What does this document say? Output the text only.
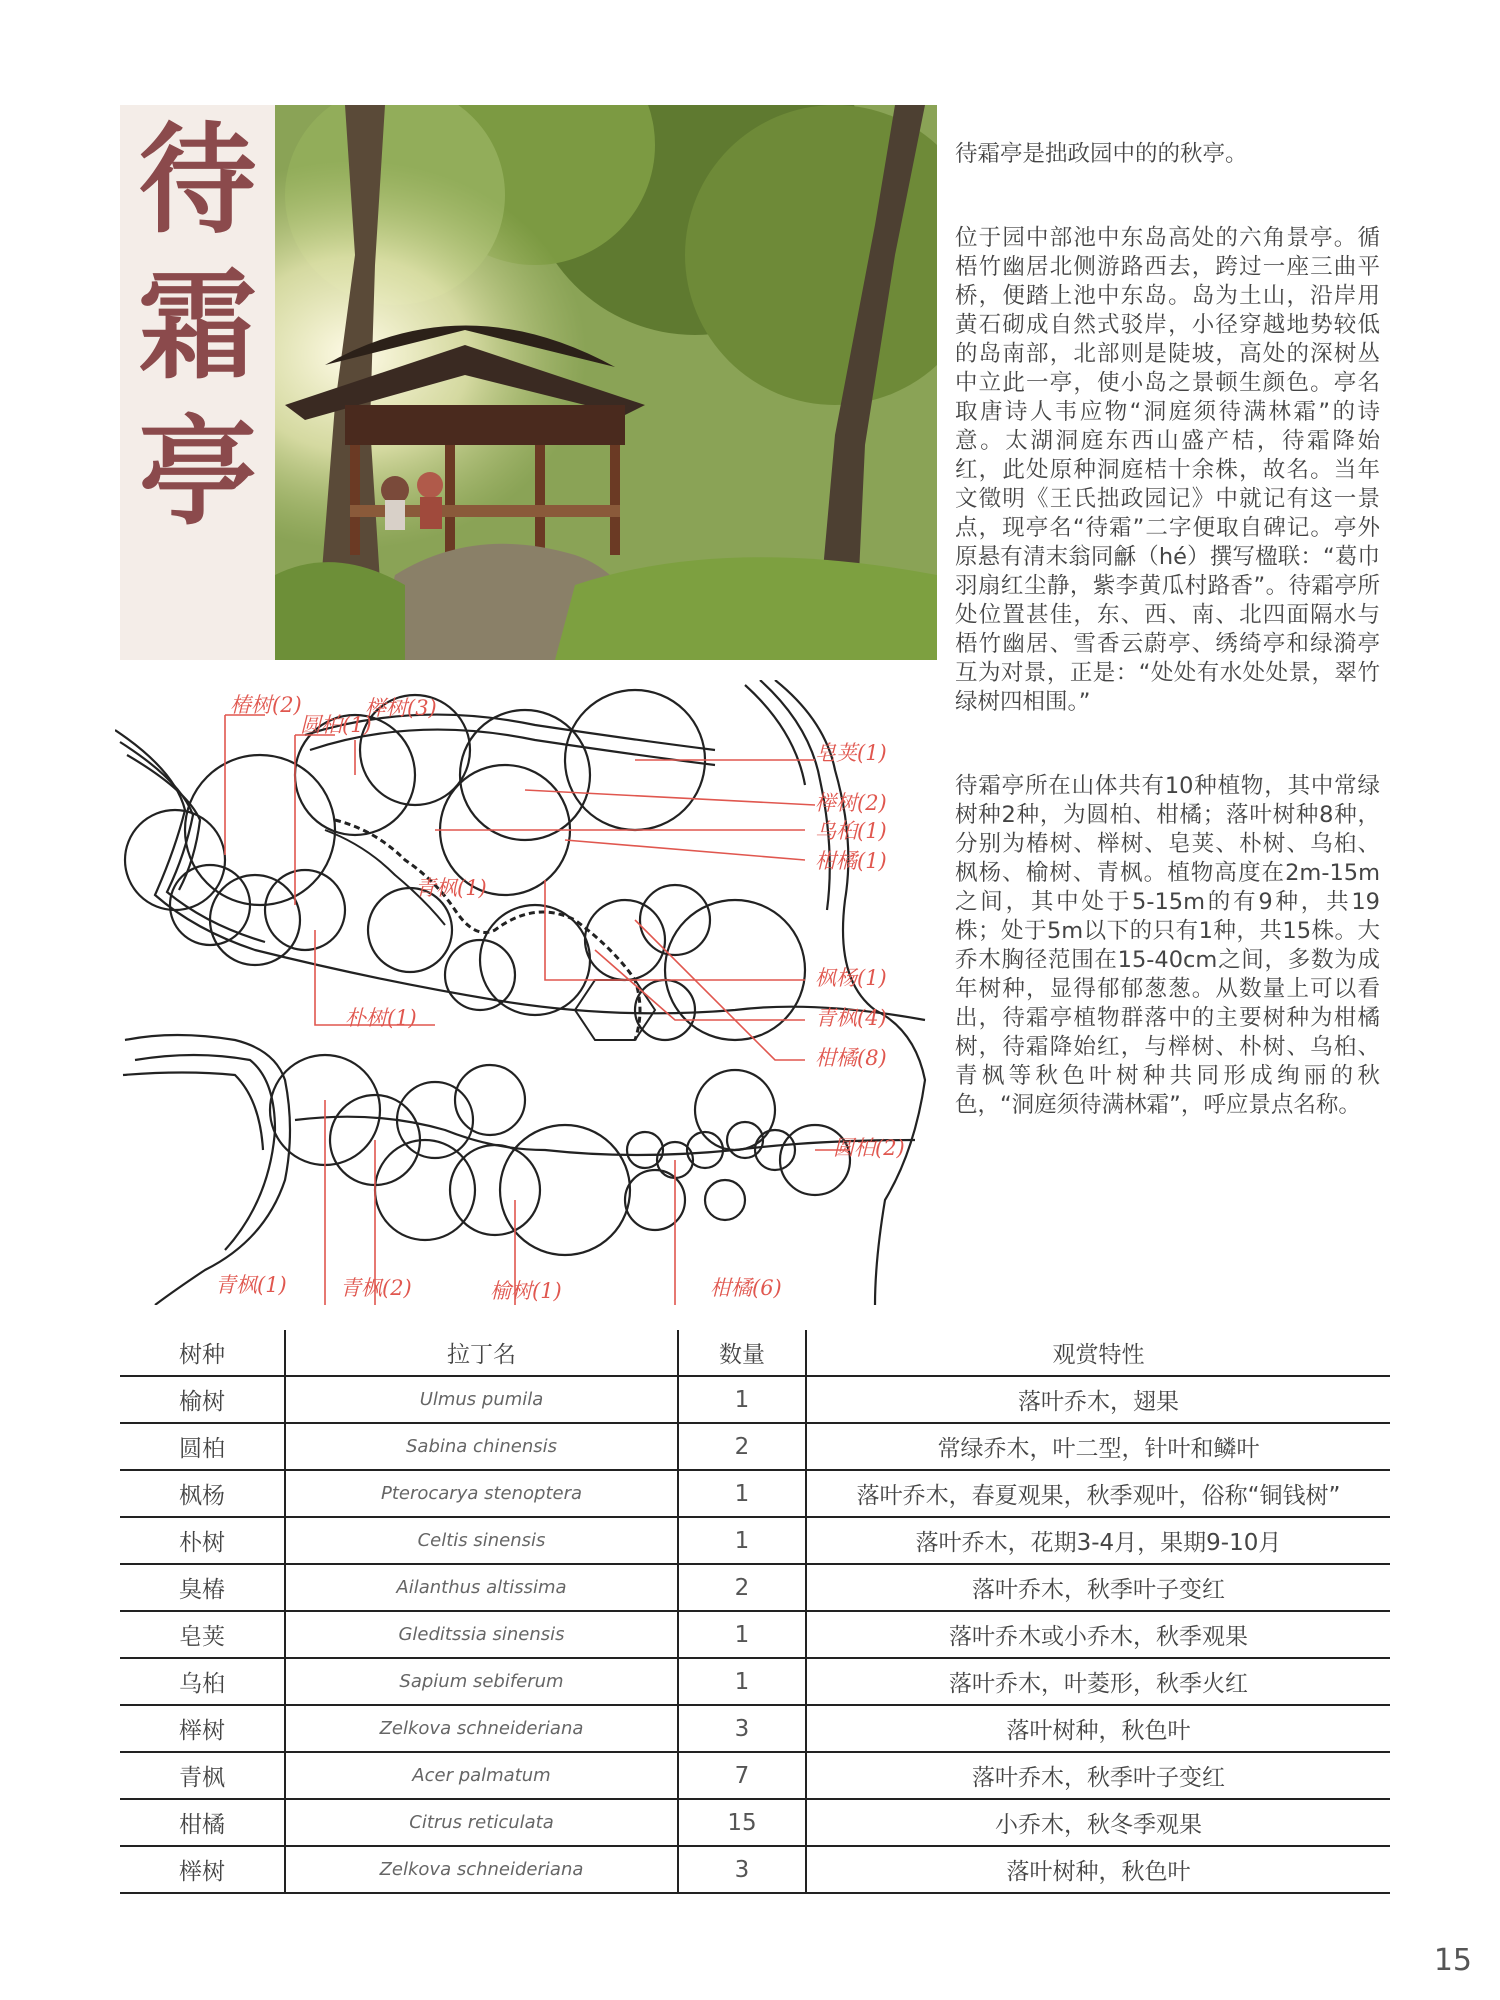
待
霜
亭

待霜亭是拙政园中的的秋亭。

位于园中部池中东岛高处的六角景亭。循梧竹幽居北侧游路西去，跨过一座三曲平桥，便踏上池中东岛。岛为土山，沿岸用黄石砌成自然式驳岸，小径穿越地势较低的岛南部，北部则是陡坡，高处的深树丛中立此一亭，使小岛之景顿生颜色。亭名取唐诗人韦应物“洞庭须待满林霜”的诗意。太湖洞庭东西山盛产桔，待霜降始红，此处原种洞庭桔十余株，故名。当年文徵明《王氏拙政园记》中就记有这一景点，现亭名“待霜”二字便取自碑记。亭外原悬有清末翁同龢（hé）撰写楹联：“葛巾羽扇红尘静，紫李黄瓜村路香”。待霜亭所处位置甚佳，东、西、南、北四面隔水与梧竹幽居、雪香云蔚亭、绣绮亭和绿漪亭互为对景，正是：“处处有水处处景，翠竹绿树四相围。”

待霜亭所在山体共有10种植物，其中常绿树种2种，为圆柏、柑橘；落叶树种8种，分别为椿树、榉树、皂荚、朴树、乌桕、枫杨、榆树、青枫。植物高度在2m-15m之间，其中处于5-15m的有9种，共19株；处于5m以下的只有1种，共15株。大乔木胸径范围在15-40cm之间，多数为成年树种，显得郁郁葱葱。从数量上可以看出，待霜亭植物群落中的主要树种为柑橘树，待霜降始红，与榉树、朴树、乌桕、青枫等秋色叶树种共同形成绚丽的秋色，“洞庭须待满林霜”，呼应景点名称。

椿树(2)	榉树(3)
圆柏(1)
皂荚(1)
榉树(2)
乌桕(1)
柑橘(1)
青枫(1)
枫杨(1)
朴树(1)	青枫(4)
柑橘(8)
圆柏(2)
青枫(1)	青枫(2)	榆树(1)	柑橘(6)
树种	拉丁名	数量	观赏特性
榆树	Ulmus pumila	1	落叶乔木，翅果
圆柏	Sabina chinensis	2	常绿乔木，叶二型，针叶和鳞叶
枫杨	Pterocarya stenoptera	1	落叶乔木，春夏观果，秋季观叶，俗称“铜钱树”
朴树	Celtis sinensis	1	落叶乔木，花期3-4月，果期9-10月
臭椿	Ailanthus altissima	2	落叶乔木，秋季叶子变红
皂荚	Gleditssia sinensis	1	落叶乔木或小乔木，秋季观果
乌桕	Sapium sebiferum	1	落叶乔木，叶菱形，秋季火红
榉树	Zelkova schneideriana	3	落叶树种，秋色叶
青枫	Acer palmatum	7	落叶乔木，秋季叶子变红
柑橘	Citrus reticulata	15	小乔木，秋冬季观果
榉树	Zelkova schneideriana	3	落叶树种，秋色叶
15
